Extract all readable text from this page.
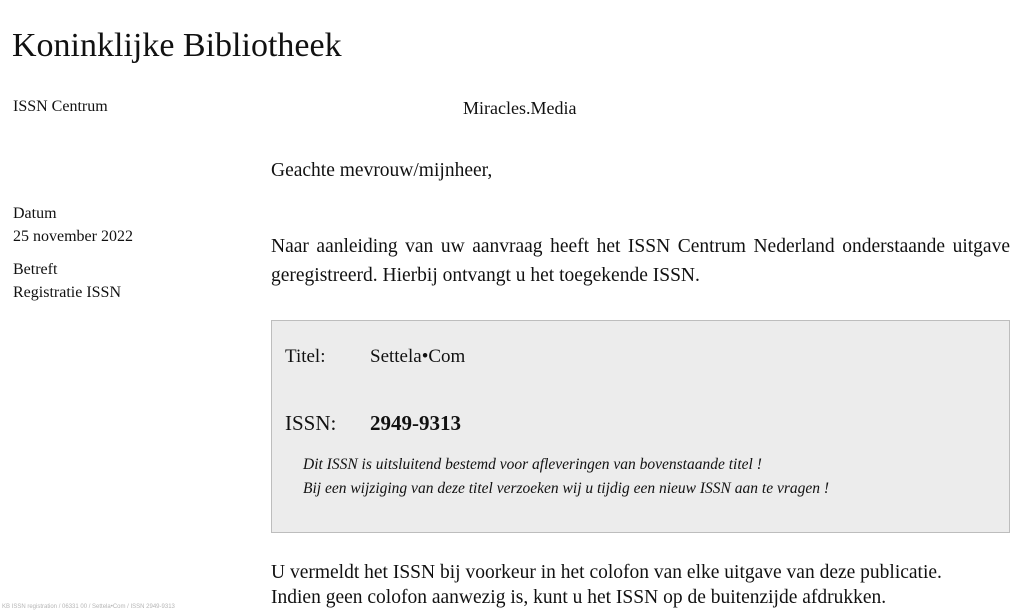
Koninklijke Bibliotheek
ISSN Centrum	Miracles.Media
Datum
25 november 2022
Betreft
Registratie ISSN
Geachte mevrouw/mijnheer,
Naar aanleiding van uw aanvraag heeft het ISSN Centrum Nederland onderstaande uitgave geregistreerd. Hierbij ontvangt u het toegekende ISSN.
Titel: Settela•Com
ISSN: 2949-9313
Dit ISSN is uitsluitend bestemd voor afleveringen van bovenstaande titel !
Bij een wijziging van deze titel verzoeken wij u tijdig een nieuw ISSN aan te vragen !
U vermeldt het ISSN bij voorkeur in het colofon van elke uitgave van deze publicatie.
Indien geen colofon aanwezig is, kunt u het ISSN op de buitenzijde afdrukken.
KB ISSN registration / 06331 00 / Settela•Com / ISSN 2949-9313
